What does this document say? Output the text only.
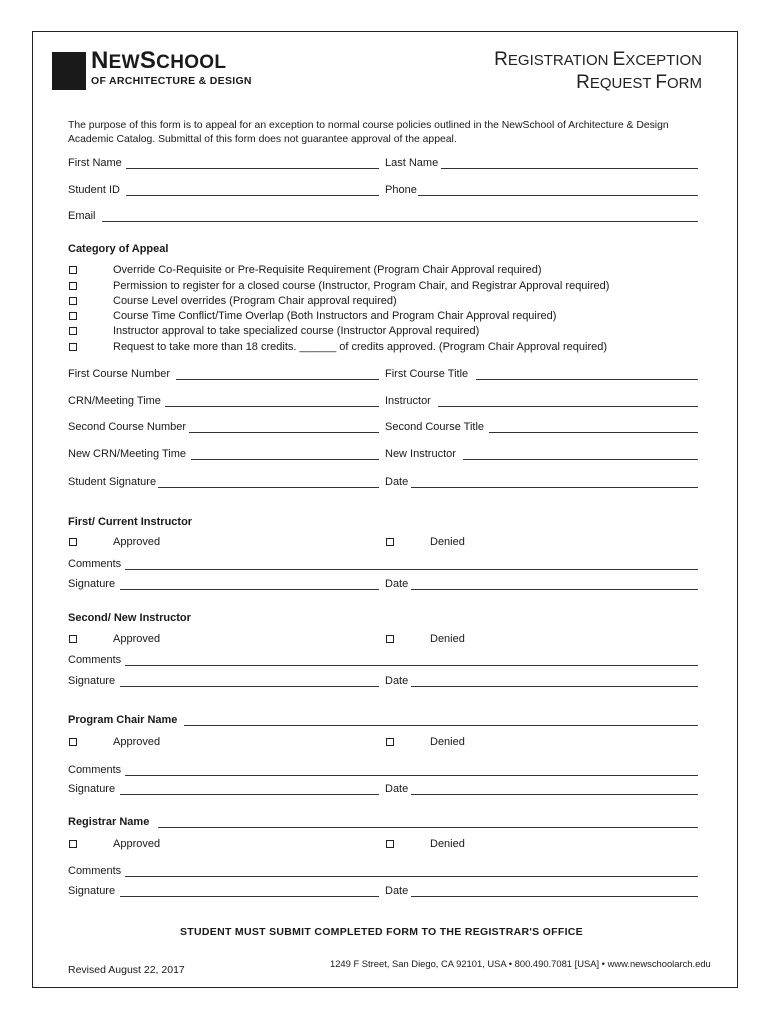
NEWSCHOOL
OF ARCHITECTURE & DESIGN
REGISTRATION EXCEPTION
REQUEST FORM
The purpose of this form is to appeal for an exception to normal course policies outlined in the NewSchool of Architecture & Design Academic Catalog. Submittal of this form does not guarantee approval of the appeal.
First Name	Last Name
Student ID	Phone
Email
Category of Appeal
Override Co-Requisite or Pre-Requisite Requirement (Program Chair Approval required)
Permission to register for a closed course (Instructor, Program Chair, and Registrar Approval required)
Course Level overrides (Program Chair approval required)
Course Time Conflict/Time Overlap (Both Instructors and Program Chair Approval required)
Instructor approval to take specialized course (Instructor Approval required)
Request to take more than 18 credits. ______ of credits approved. (Program Chair Approval required)
First Course Number	First Course Title
CRN/Meeting Time	Instructor
Second Course Number	Second Course Title
New CRN/Meeting Time	New Instructor
Student Signature	Date
First/ Current Instructor
Approved	Denied
Comments
Signature	Date
Second/ New Instructor
Approved	Denied
Comments
Signature	Date
Program Chair Name
Approved	Denied
Comments
Signature	Date
Registrar Name
Approved	Denied
Comments
Signature	Date
STUDENT MUST SUBMIT COMPLETED FORM TO THE REGISTRAR'S OFFICE
Revised August 22, 2017
1249 F Street, San Diego, CA 92101, USA • 800.490.7081 [USA] • www.newschoolarch.edu
